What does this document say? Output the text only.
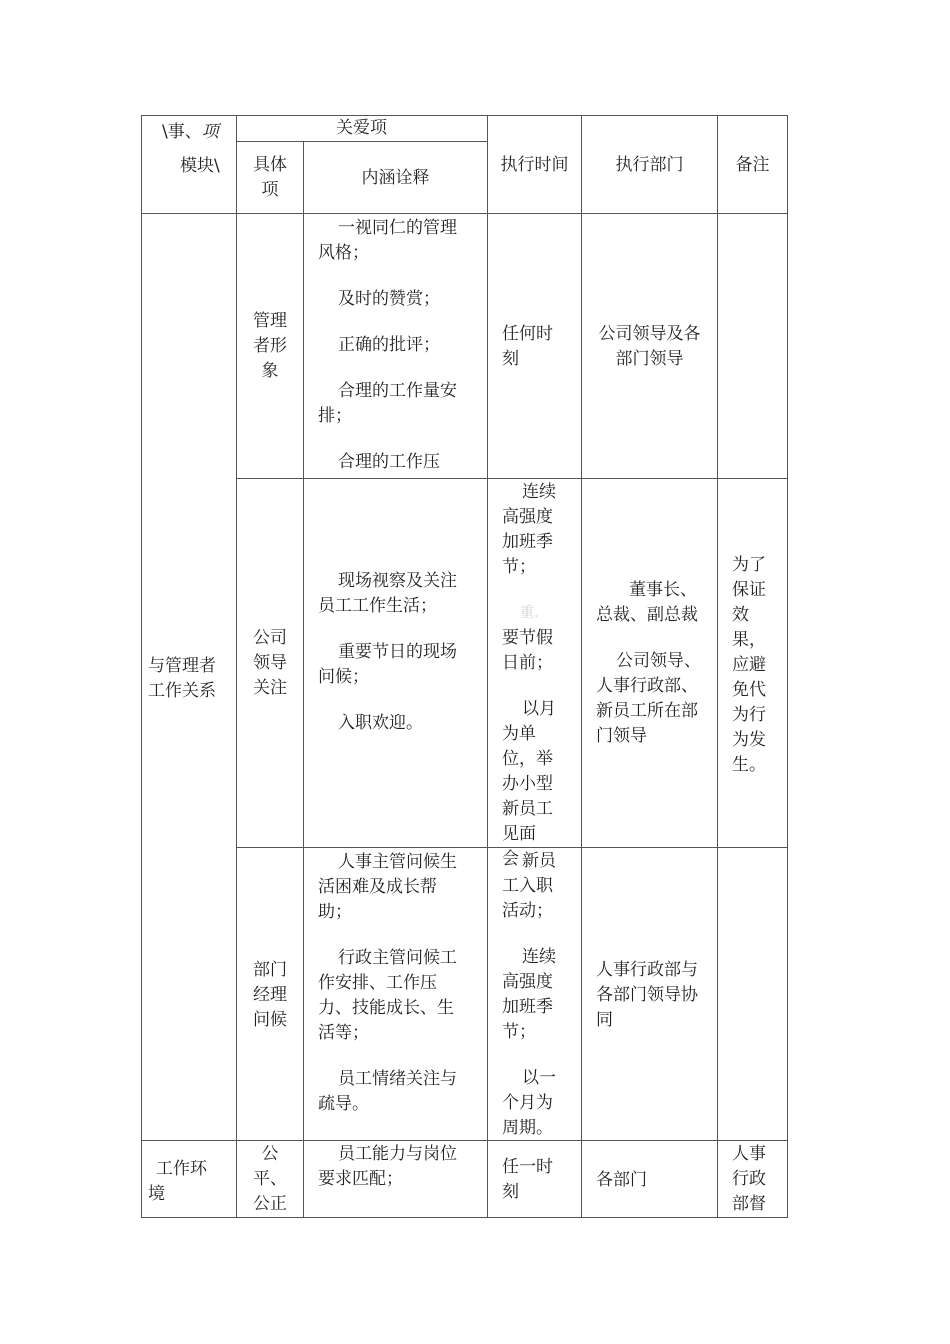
\事、项
模块\
关爱项

具体

项

内涵诠释
执行时间	执行部门	备注

与管理者

工作关系

管理

者形

象

一视同仁的管理

风格；

及时的赞赏；

正确的批评；

合理的工作量安

排；

合理的工作压

任何时

刻

公司领导及各

部门领导

公司

领导

关注

现场视察及关注

员工工作生活；

重要节日的现场

问候；

入职欢迎。

连续

高强度

加班季

节；

重.

要节假

日前；

以月

为单

位，举

办小型

新员工

见面

会

董事长、

总裁、副总裁

公司领导、

人事行政部、

新员工所在部

门领导

为了

保证

效

果，

应避

免代

为行

为发

生。

部门

经理

问候

人事主管问候生

活困难及成长帮

助；

行政主管问候工

作安排、工作压

力、技能成长、生

活等；

员工情绪关注与

疏导。

新员

工入职

活动；

连续

高强度

加班季

节；

以一

个月为

周期。

人事行政部与

各部门领导协

同

工作环

境

公

平、

公正

员工能力与岗位

要求匹配；

任一时

刻

各部门

人事

行政

部督
